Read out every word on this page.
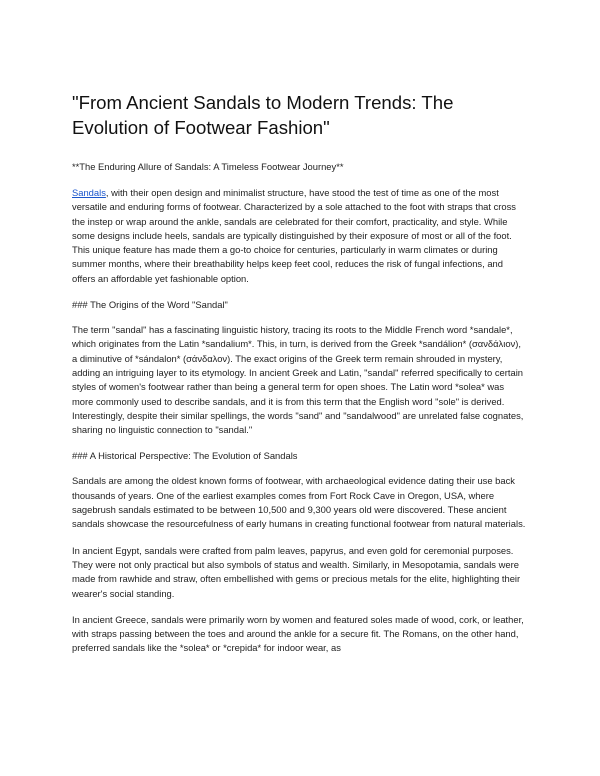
"From Ancient Sandals to Modern Trends: The Evolution of Footwear Fashion"

**The Enduring Allure of Sandals: A Timeless Footwear Journey**

Sandals, with their open design and minimalist structure, have stood the test of time as one of the most versatile and enduring forms of footwear. Characterized by a sole attached to the foot with straps that cross the instep or wrap around the ankle, sandals are celebrated for their comfort, practicality, and style. While some designs include heels, sandals are typically distinguished by their exposure of most or all of the foot. This unique feature has made them a go-to choice for centuries, particularly in warm climates or during summer months, where their breathability helps keep feet cool, reduces the risk of fungal infections, and offers an affordable yet fashionable option.

### The Origins of the Word "Sandal"

The term "sandal" has a fascinating linguistic history, tracing its roots to the Middle French word *sandale*, which originates from the Latin *sandalium*. This, in turn, is derived from the Greek *sandálion* (σανδάλιον), a diminutive of *sándalon* (σάνδαλον). The exact origins of the Greek term remain shrouded in mystery, adding an intriguing layer to its etymology. In ancient Greek and Latin, "sandal" referred specifically to certain styles of women's footwear rather than being a general term for open shoes. The Latin word *solea* was more commonly used to describe sandals, and it is from this term that the English word "sole" is derived. Interestingly, despite their similar spellings, the words "sand" and "sandalwood" are unrelated false cognates, sharing no linguistic connection to "sandal."

### A Historical Perspective: The Evolution of Sandals

Sandals are among the oldest known forms of footwear, with archaeological evidence dating their use back thousands of years. One of the earliest examples comes from Fort Rock Cave in Oregon, USA, where sagebrush sandals estimated to be between 10,500 and 9,300 years old were discovered. These ancient sandals showcase the resourcefulness of early humans in creating functional footwear from natural materials.

In ancient Egypt, sandals were crafted from palm leaves, papyrus, and even gold for ceremonial purposes. They were not only practical but also symbols of status and wealth. Similarly, in Mesopotamia, sandals were made from rawhide and straw, often embellished with gems or precious metals for the elite, highlighting their wearer's social standing.

In ancient Greece, sandals were primarily worn by women and featured soles made of wood, cork, or leather, with straps passing between the toes and around the ankle for a secure fit. The Romans, on the other hand, preferred sandals like the *solea* or *crepida* for indoor wear, as
